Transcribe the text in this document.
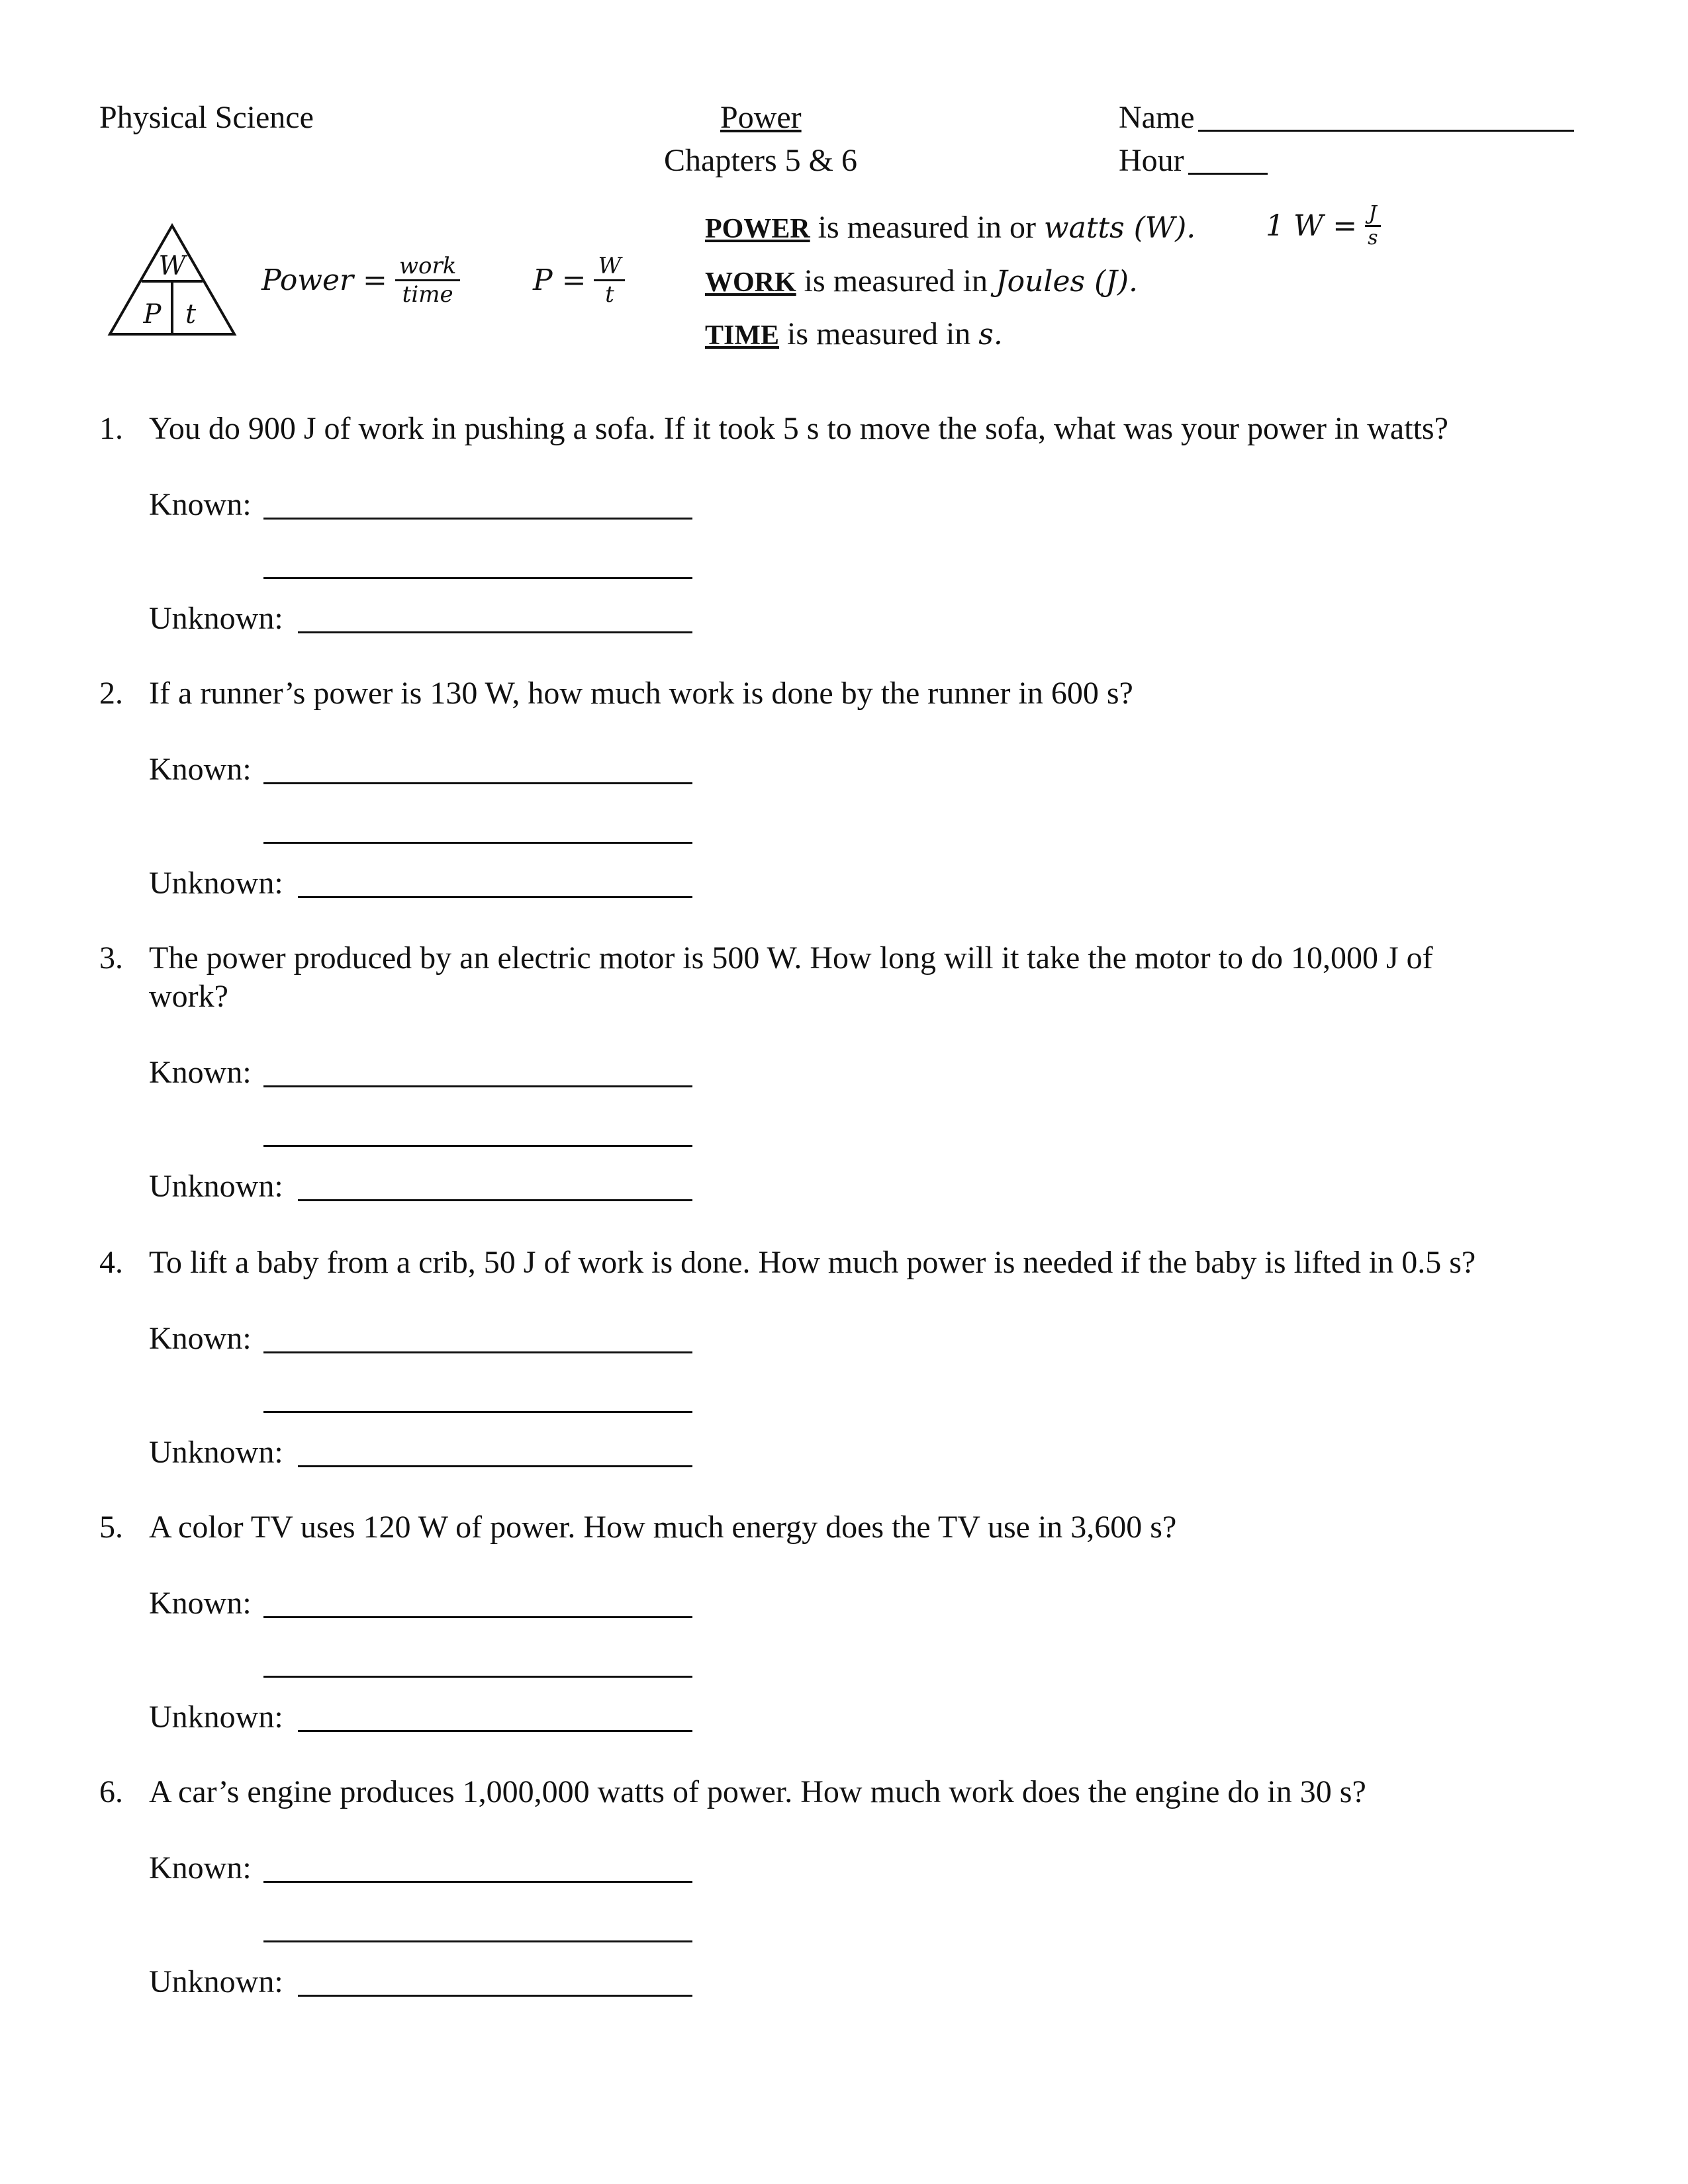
Physical Science	Power
Chapters 5 & 6
Name
Hour
W
P t
Power = $\frac{\text{work}}{\text{time}}$ $P = \frac{W}{t}$
POWER is measured in or watts (W). 1 $W = \frac{J}{s}$
WORK is measured in Joules (J).
TIME is measured in s.
1. You do 900 J of work in pushing a sofa. If it took 5 s to move the sofa, what was your power in watts?
Known:
Unknown:
2. If a runner’s power is 130 W, how much work is done by the runner in 600 s?
Known:
Unknown:
3. The power produced by an electric motor is 500 W. How long will it take the motor to do 10,000 J of
work?
Known:
Unknown:
4. To lift a baby from a crib, 50 J of work is done. How much power is needed if the baby is lifted in 0.5 s?
Known:
Unknown:
5. A color TV uses 120 W of power. How much energy does the TV use in 3,600 s?
Known:
Unknown:
6. A car’s engine produces 1,000,000 watts of power. How much work does the engine do in 30 s?
Known:
Unknown:
